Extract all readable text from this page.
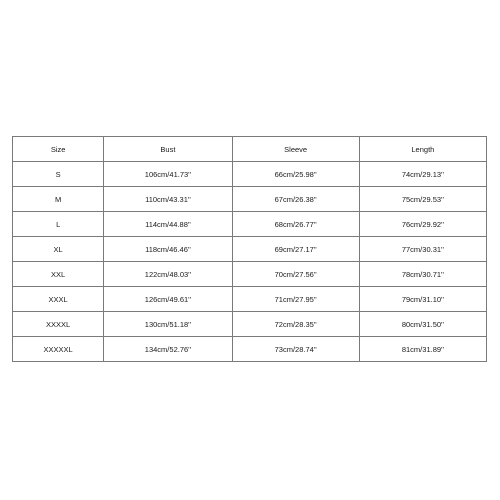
Size	Bust	Sleeve	Length
S	106cm/41.73''	66cm/25.98''	74cm/29.13''
M	110cm/43.31''	67cm/26.38''	75cm/29.53''
L	114cm/44.88''	68cm/26.77''	76cm/29.92''
XL	118cm/46.46''	69cm/27.17''	77cm/30.31''
XXL	122cm/48.03''	70cm/27.56''	78cm/30.71''
XXXL	126cm/49.61''	71cm/27.95''	79cm/31.10''
XXXXL	130cm/51.18''	72cm/28.35''	80cm/31.50''
XXXXXL	134cm/52.76''	73cm/28.74''	81cm/31.89''
